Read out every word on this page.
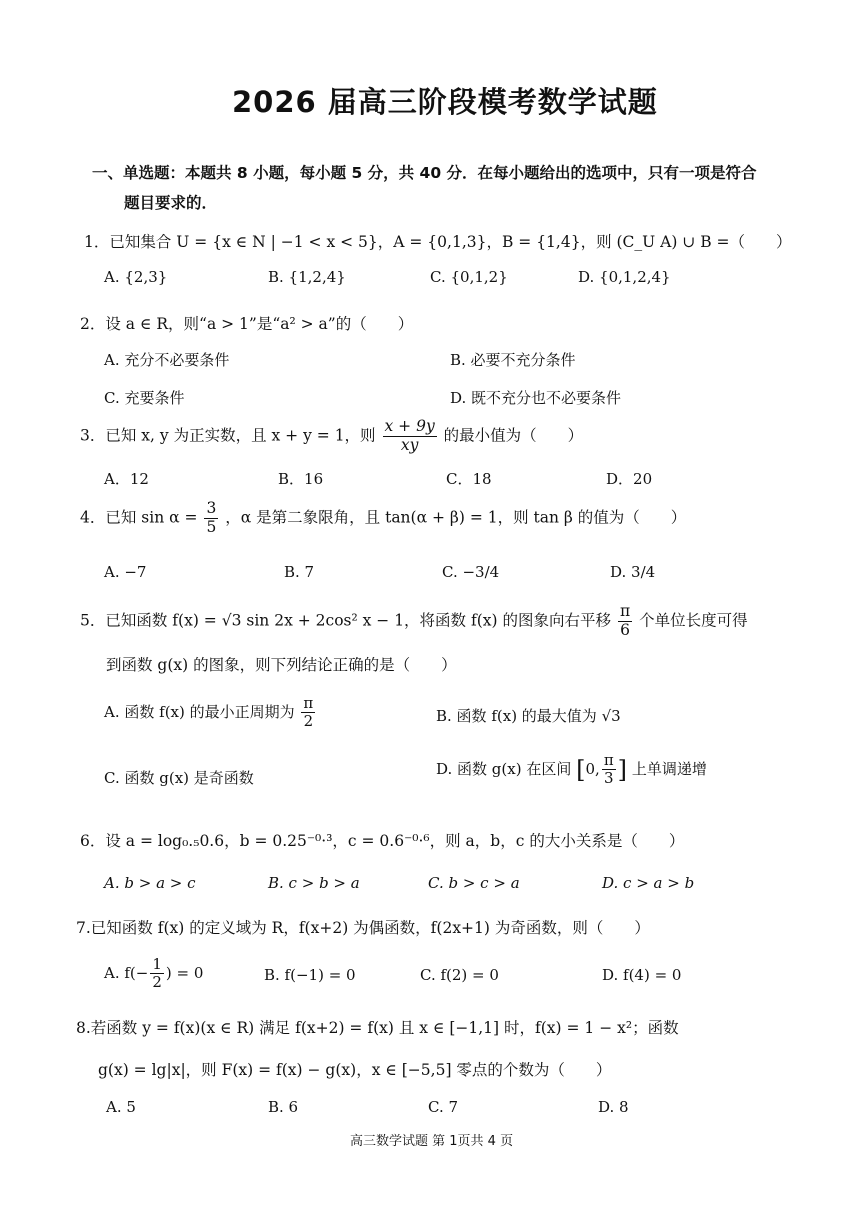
2026 届高三阶段模考数学试题
一、单选题：本题共 8 小题，每小题 5 分，共 40 分．在每小题给出的选项中，只有一项是符合
题目要求的．
1．已知集合 U = {x ∈ N | −1 < x < 5}，A = {0,1,3}，B = {1,4}，则 (C_U A) ∪ B =（　　）
A. {2,3}	B. {1,2,4}	C. {0,1,2}	D. {0,1,2,4}
2．设 a ∈ R，则“a > 1”是“a² > a”的（　　）
A. 充分不必要条件	B. 必要不充分条件
C. 充要条件	D. 既不充分也不必要条件
3．已知 x, y 为正实数，且 x + y = 1，则 $\frac{x + 9y}{xy}$ 的最小值为（　　）
A．12	B．16	C．18	D．20
4．已知 $\sin \alpha = \frac{3}{5}$ ，α 是第二象限角，且 tan(α + β) = 1，则 tan β 的值为（　　）
A. −7	B. 7	C. −3/4	D. 3/4
5．已知函数 f(x) = √3 sin 2x + 2cos² x − 1，将函数 f(x) 的图象向右平移 $\frac{\pi}{6}$ 个单位长度可得
到函数 g(x) 的图象，则下列结论正确的是（　　）
A. 函数 f(x) 的最小正周期为 $\frac{\pi}{2}$	B. 函数 f(x) 的最大值为 √3
C. 函数 g(x) 是奇函数
D. 函数 g(x) 在区间 [0, $\frac{\pi}{3}$ ] 上单调递增
6．设 a = log₀.₅0.6，b = 0.25⁻⁰·³，c = 0.6⁻⁰·⁶，则 a，b，c 的大小关系是（　　）
A. b > a > c	B. c > b > a	C. b > c > a	D. c > a > b
7.已知函数 f(x) 的定义域为 R，f(x+2) 为偶函数，f(2x+1) 为奇函数，则（　　）
A. $f(- \frac{1}{2}$ ) = 0	B. f(−1) = 0	C. f(2) = 0	D. f(4) = 0
8.若函数 y = f(x)(x ∈ R) 满足 f(x+2) = f(x) 且 x ∈ [−1,1] 时，f(x) = 1 − x²；函数
g(x) = lg|x|，则 F(x) = f(x) − g(x)，x ∈ [−5,5] 零点的个数为（　　）
A. 5	B. 6	C. 7	D. 8
高三数学试题 第 1页共 4 页
